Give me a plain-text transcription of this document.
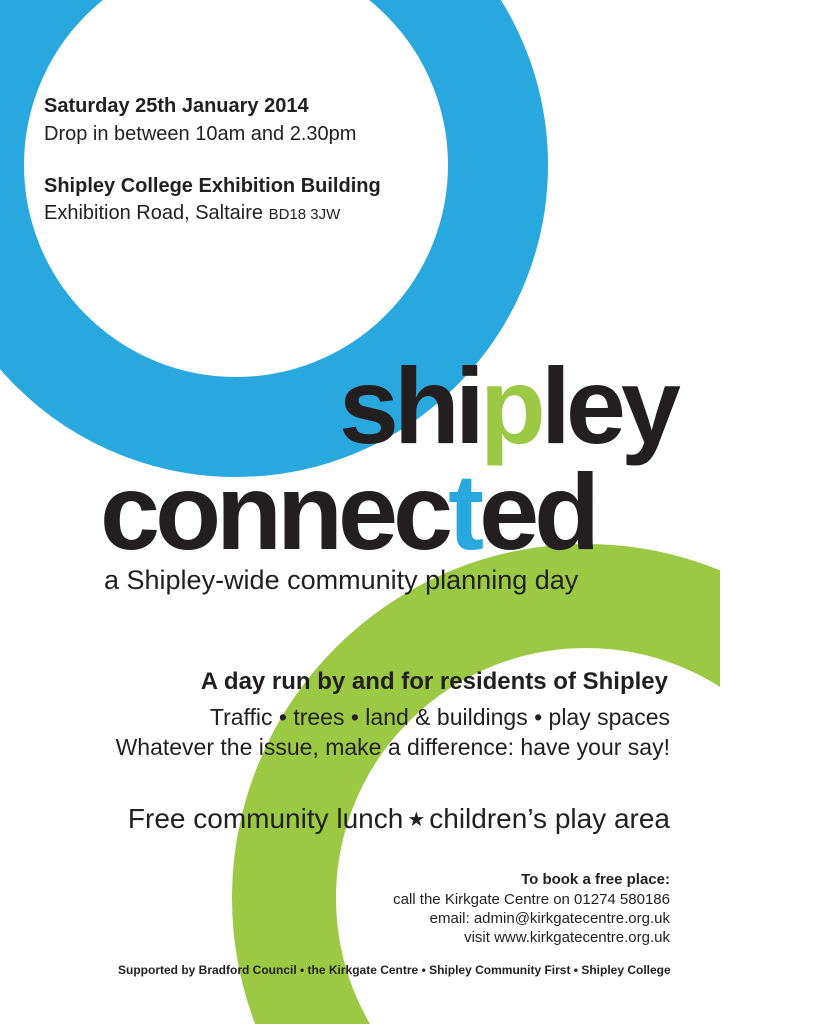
Saturday 25th January 2014

Drop in between 10am and 2.30pm

Shipley College Exhibition Building

Exhibition Road, Saltaire BD18 3JW

shipley
connected

a Shipley-wide community planning day

A day run by and for residents of Shipley

Traffic • trees • land & buildings • play spaces

Whatever the issue, make a difference: have your say!

Free community lunch ★ children’s play area

To book a free place:

call the Kirkgate Centre on 01274 580186

email: admin@kirkgatecentre.org.uk

visit www.kirkgatecentre.org.uk

Supported by Bradford Council • the Kirkgate Centre • Shipley Community First • Shipley College
